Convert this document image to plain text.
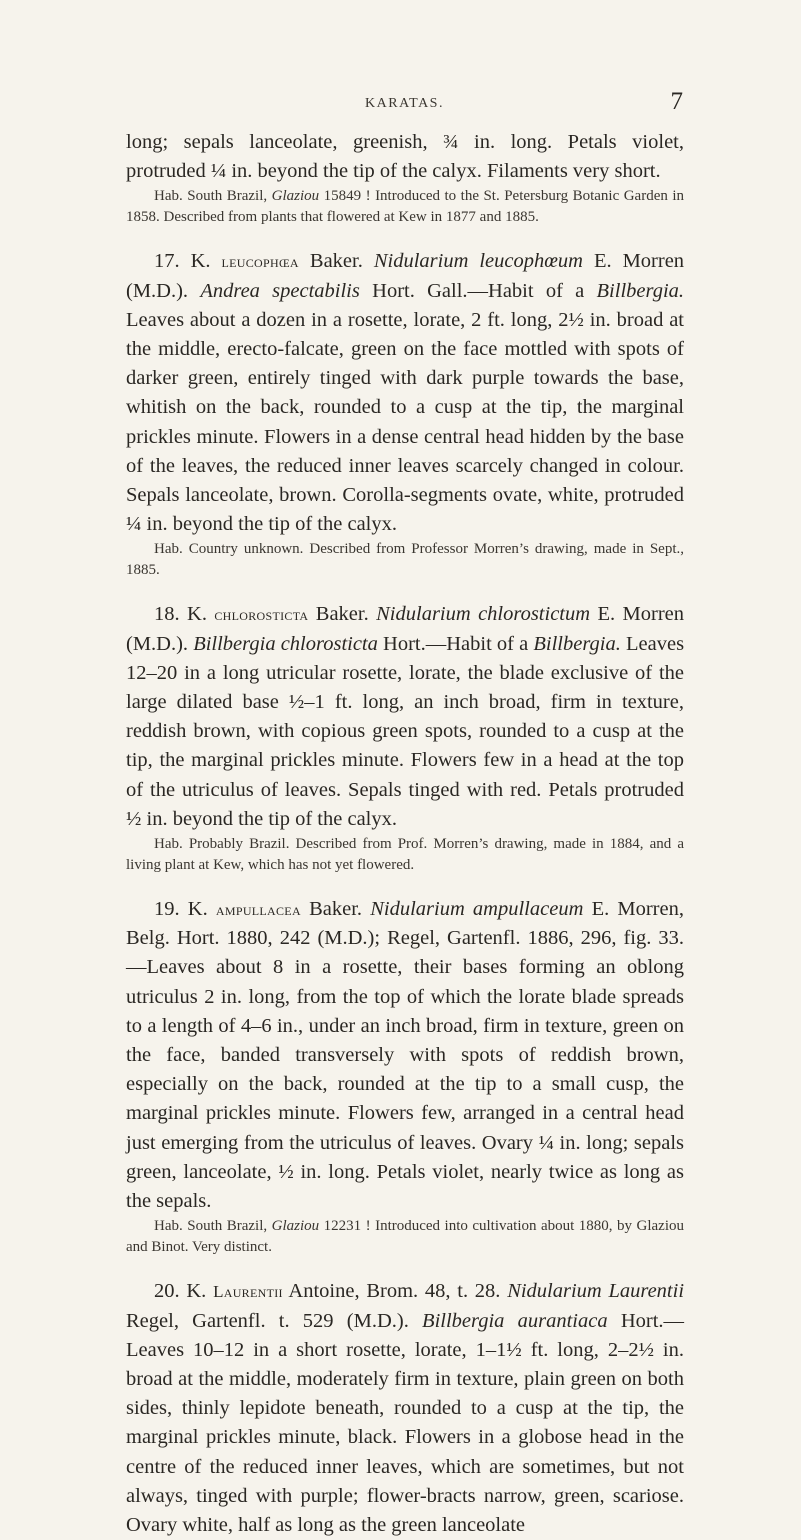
KARATAS.	7

long; sepals lanceolate, greenish, ¾ in. long. Petals violet, protruded ¼ in. beyond the tip of the calyx. Filaments very short.

Hab. South Brazil, Glaziou 15849 ! Introduced to the St. Petersburg Botanic Garden in 1858. Described from plants that flowered at Kew in 1877 and 1885.

17. K. leucophœa Baker. Nidularium leucophœum E. Morren (M.D.). Andrea spectabilis Hort. Gall.—Habit of a Billbergia. Leaves about a dozen in a rosette, lorate, 2 ft. long, 2½ in. broad at the middle, erecto-falcate, green on the face mottled with spots of darker green, entirely tinged with dark purple towards the base, whitish on the back, rounded to a cusp at the tip, the marginal prickles minute. Flowers in a dense central head hidden by the base of the leaves, the reduced inner leaves scarcely changed in colour. Sepals lanceolate, brown. Corolla-segments ovate, white, protruded ¼ in. beyond the tip of the calyx.

Hab. Country unknown. Described from Professor Morren’s drawing, made in Sept., 1885.

18. K. chlorosticta Baker. Nidularium chlorostictum E. Morren (M.D.). Billbergia chlorosticta Hort.—Habit of a Billbergia. Leaves 12–20 in a long utricular rosette, lorate, the blade exclusive of the large dilated base ½–1 ft. long, an inch broad, firm in texture, reddish brown, with copious green spots, rounded to a cusp at the tip, the marginal prickles minute. Flowers few in a head at the top of the utriculus of leaves. Sepals tinged with red. Petals protruded ½ in. beyond the tip of the calyx.

Hab. Probably Brazil. Described from Prof. Morren’s drawing, made in 1884, and a living plant at Kew, which has not yet flowered.

19. K. ampullacea Baker. Nidularium ampullaceum E. Morren, Belg. Hort. 1880, 242 (M.D.); Regel, Gartenfl. 1886, 296, fig. 33.—Leaves about 8 in a rosette, their bases forming an oblong utriculus 2 in. long, from the top of which the lorate blade spreads to a length of 4–6 in., under an inch broad, firm in texture, green on the face, banded transversely with spots of reddish brown, especially on the back, rounded at the tip to a small cusp, the marginal prickles minute. Flowers few, arranged in a central head just emerging from the utriculus of leaves. Ovary ¼ in. long; sepals green, lanceolate, ½ in. long. Petals violet, nearly twice as long as the sepals.

Hab. South Brazil, Glaziou 12231 ! Introduced into cultivation about 1880, by Glaziou and Binot. Very distinct.

20. K. Laurentii Antoine, Brom. 48, t. 28. Nidularium Laurentii Regel, Gartenfl. t. 529 (M.D.). Billbergia aurantiaca Hort.—Leaves 10–12 in a short rosette, lorate, 1–1½ ft. long, 2–2½ in. broad at the middle, moderately firm in texture, plain green on both sides, thinly lepidote beneath, rounded to a cusp at the tip, the marginal prickles minute, black. Flowers in a globose head in the centre of the reduced inner leaves, which are sometimes, but not always, tinged with purple; flower-bracts narrow, green, scariose. Ovary white, half as long as the green lanceolate
